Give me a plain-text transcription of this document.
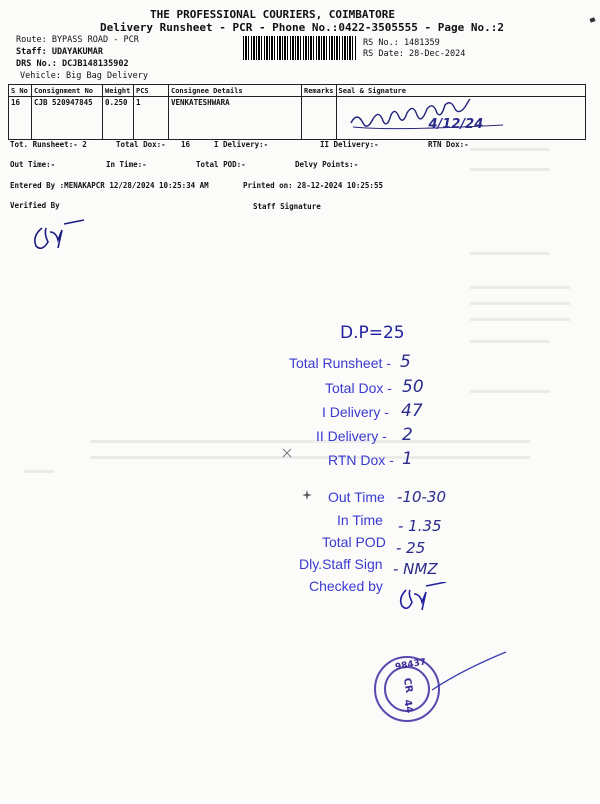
THE PROFESSIONAL COURIERS, COIMBATORE
Delivery Runsheet - PCR - Phone No.:0422-3505555 - Page No.:2
Route: BYPASS ROAD - PCR
Staff: UDAYAKUMAR
DRS No.: DCJB148135902
Vehicle: Big Bag Delivery
RS No.: 1481359
RS Date: 28-Dec-2024
S No	Consignment No	Weight	PCS	Consignee Details	Remarks	Seal & Signature
16	CJB 520947845	0.250	1	VENKATESHWARA		4/12/24
Tot. Runsheet:- 2	Total Dox:- 16	I Delivery:-	II Delivery:-	RTN Dox:-
Out Time:-	In Time:-	Total POD:-	Delvy Points:-
Entered By :MENAKAPCR 12/28/2024 10:25:34 AM	Printed on: 28-12-2024 10:25:55
Verified By	Staff Signature
D.P=25
Total Runsheet - 5
Total Dox - 50
I Delivery - 47
II Delivery - 2
RTN Dox - 1
Out Time -10-30
In Time - 1.35
Total POD - 25
Dly.Staff Sign - NMZ
Checked by
98437
CR
44
